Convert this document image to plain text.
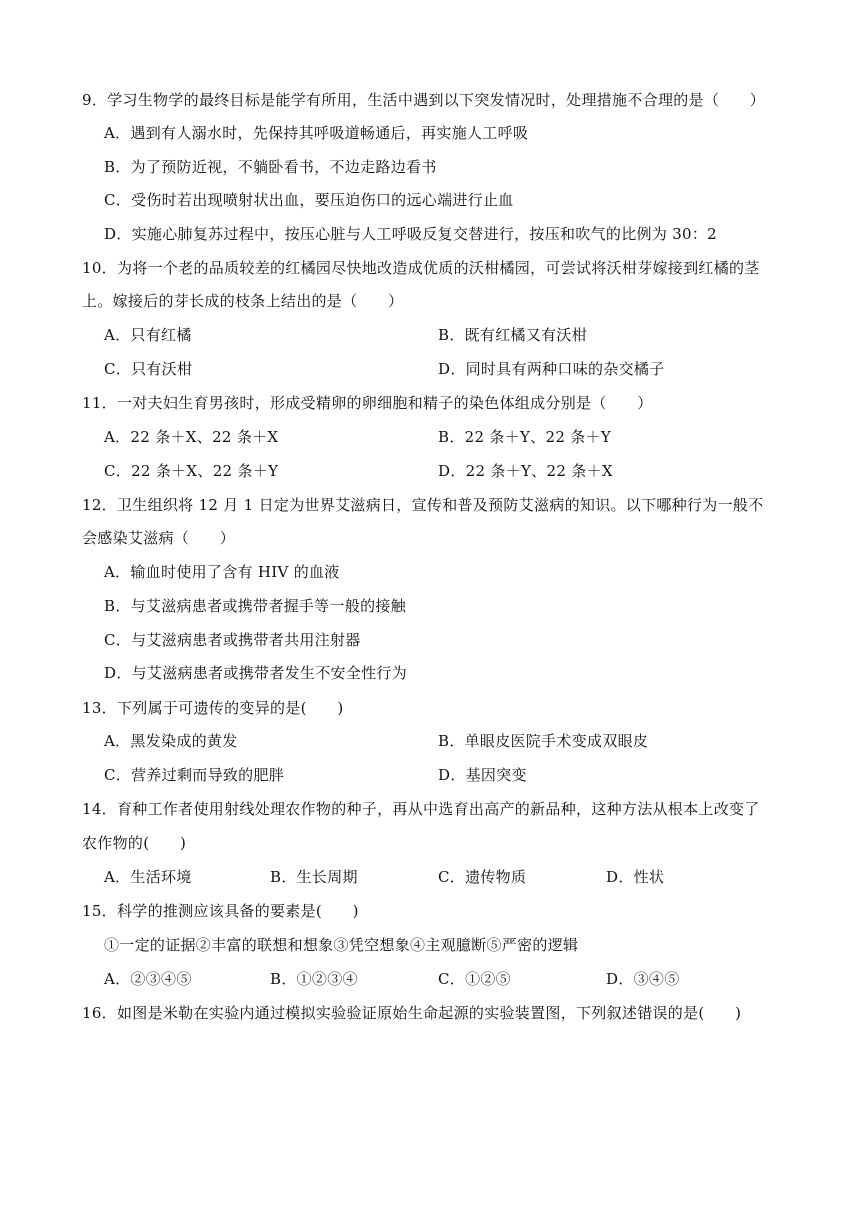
9．学习生物学的最终目标是能学有所用，生活中遇到以下突发情况时，处理措施不合理的是（　　）
A．遇到有人溺水时，先保持其呼吸道畅通后，再实施人工呼吸
B．为了预防近视，不躺卧看书，不边走路边看书
C．受伤时若出现喷射状出血，要压迫伤口的远心端进行止血
D．实施心肺复苏过程中，按压心脏与人工呼吸反复交替进行，按压和吹气的比例为 30：2
10．为将一个老的品质较差的红橘园尽快地改造成优质的沃柑橘园，可尝试将沃柑芽嫁接到红橘的茎
上。嫁接后的芽长成的枝条上结出的是（　　）
A．只有红橘	B．既有红橘又有沃柑
C．只有沃柑	D．同时具有两种口味的杂交橘子
11．一对夫妇生育男孩时，形成受精卵的卵细胞和精子的染色体组成分别是（　　）
A．22 条＋X、22 条＋X	B．22 条＋Y、22 条＋Y
C．22 条＋X、22 条＋Y	D．22 条＋Y、22 条＋X
12．卫生组织将 12 月 1 日定为世界艾滋病日，宣传和普及预防艾滋病的知识。以下哪种行为一般不
会感染艾滋病（　　）
A．输血时使用了含有 HIV 的血液
B．与艾滋病患者或携带者握手等一般的接触
C．与艾滋病患者或携带者共用注射器
D．与艾滋病患者或携带者发生不安全性行为
13．下列属于可遗传的变异的是(　　)
A．黑发染成的黄发	B．单眼皮医院手术变成双眼皮
C．营养过剩而导致的肥胖	D．基因突变
14．育种工作者使用射线处理农作物的种子，再从中选育出高产的新品种，这种方法从根本上改变了
农作物的(　　)
A．生活环境	B．生长周期	C．遗传物质	D．性状
15．科学的推测应该具备的要素是(　　)
①一定的证据②丰富的联想和想象③凭空想象④主观臆断⑤严密的逻辑
A．②③④⑤	B．①②③④	C．①②⑤	D．③④⑤
16．如图是米勒在实验内通过模拟实验验证原始生命起源的实验装置图，下列叙述错误的是(　　)
